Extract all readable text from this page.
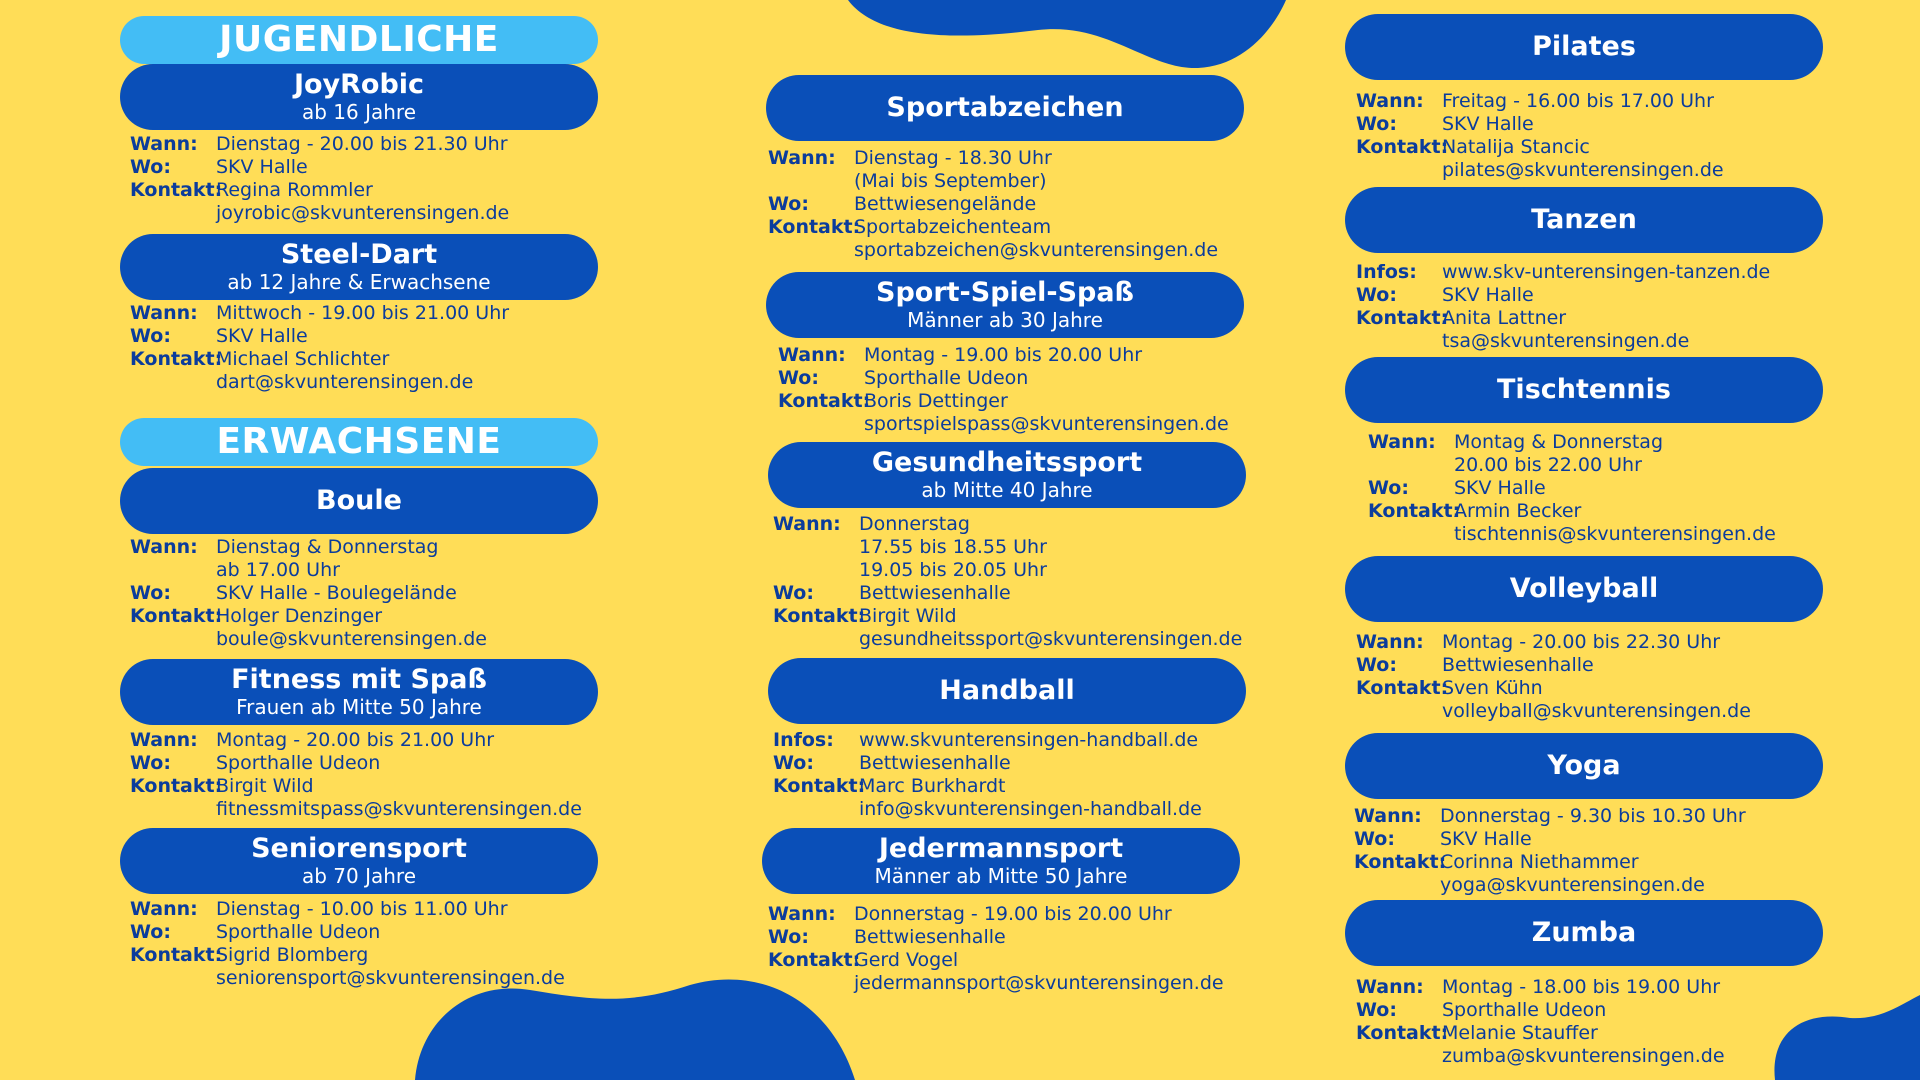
JUGENDLICHE
JoyRobic
ab 16 Jahre
Wann: Dienstag - 20.00 bis 21.30 Uhr
Wo:	SKV Halle
Kontakt:
Regina Rommler
joyrobic@skvunterensingen.de
Steel-Dart
ab 12 Jahre & Erwachsene
Wann: Mittwoch - 19.00 bis 21.00 Uhr
Wo:	SKV Halle
Kontakt:
Michael Schlichter
dart@skvunterensingen.de
ERWACHSENE
Boule
Wann: Dienstag & Donnerstag
ab 17.00 Uhr
Wo:	SKV Halle - Boulegelände
Kontakt:
Holger Denzinger
boule@skvunterensingen.de
Fitness mit Spaß
Frauen ab Mitte 50 Jahre
Wann: Montag - 20.00 bis 21.00 Uhr
Wo:	Sporthalle Udeon
Kontakt:
Birgit Wild
fitnessmitspass@skvunterensingen.de
Seniorensport
ab 70 Jahre
Wann: Dienstag - 10.00 bis 11.00 Uhr
Wo:	Sporthalle Udeon
Kontakt:
Sigrid Blomberg
seniorensport@skvunterensingen.de
Sportabzeichen
Wann: Dienstag - 18.30 Uhr
(Mai bis September)
Wo:	Bettwiesengelände
Kontakt:
Sportabzeichenteam
sportabzeichen@skvunterensingen.de
Sport-Spiel-Spaß
Männer ab 30 Jahre
Wann: Montag - 19.00 bis 20.00 Uhr
Wo:	Sporthalle Udeon
Kontakt:
Boris Dettinger
sportspielspass@skvunterensingen.de
Gesundheitssport
ab Mitte 40 Jahre
Wann: Donnerstag
17.55 bis 18.55 Uhr
19.05 bis 20.05 Uhr
Wo:	Bettwiesenhalle
Kontakt:
Birgit Wild
gesundheitssport@skvunterensingen.de
Handball
Infos:	www.skvunterensingen-handball.de
Wo:	Bettwiesenhalle
Kontakt:
Marc Burkhardt
info@skvunterensingen-handball.de
Jedermannsport
Männer ab Mitte 50 Jahre
Wann: Donnerstag - 19.00 bis 20.00 Uhr
Wo:	Bettwiesenhalle
Kontakt:
Gerd Vogel
jedermannsport@skvunterensingen.de
Pilates
Wann: Freitag - 16.00 bis 17.00 Uhr
Wo:	SKV Halle
Kontakt:
Natalija Stancic
pilates@skvunterensingen.de
Tanzen
Infos:	www.skv-unterensingen-tanzen.de
Wo:	SKV Halle
Kontakt:
Anita Lattner
tsa@skvunterensingen.de
Tischtennis
Wann: Montag & Donnerstag
20.00 bis 22.00 Uhr
Wo:	SKV Halle
Kontakt:
Armin Becker
tischtennis@skvunterensingen.de
Volleyball
Wann: Montag - 20.00 bis 22.30 Uhr
Wo:	Bettwiesenhalle
Kontakt:
Sven Kühn
volleyball@skvunterensingen.de
Yoga
Wann: Donnerstag - 9.30 bis 10.30 Uhr
Wo:	SKV Halle
Kontakt:
Corinna Niethammer
yoga@skvunterensingen.de
Zumba
Wann: Montag - 18.00 bis 19.00 Uhr
Wo:	Sporthalle Udeon
Kontakt:
Melanie Stauffer
zumba@skvunterensingen.de
